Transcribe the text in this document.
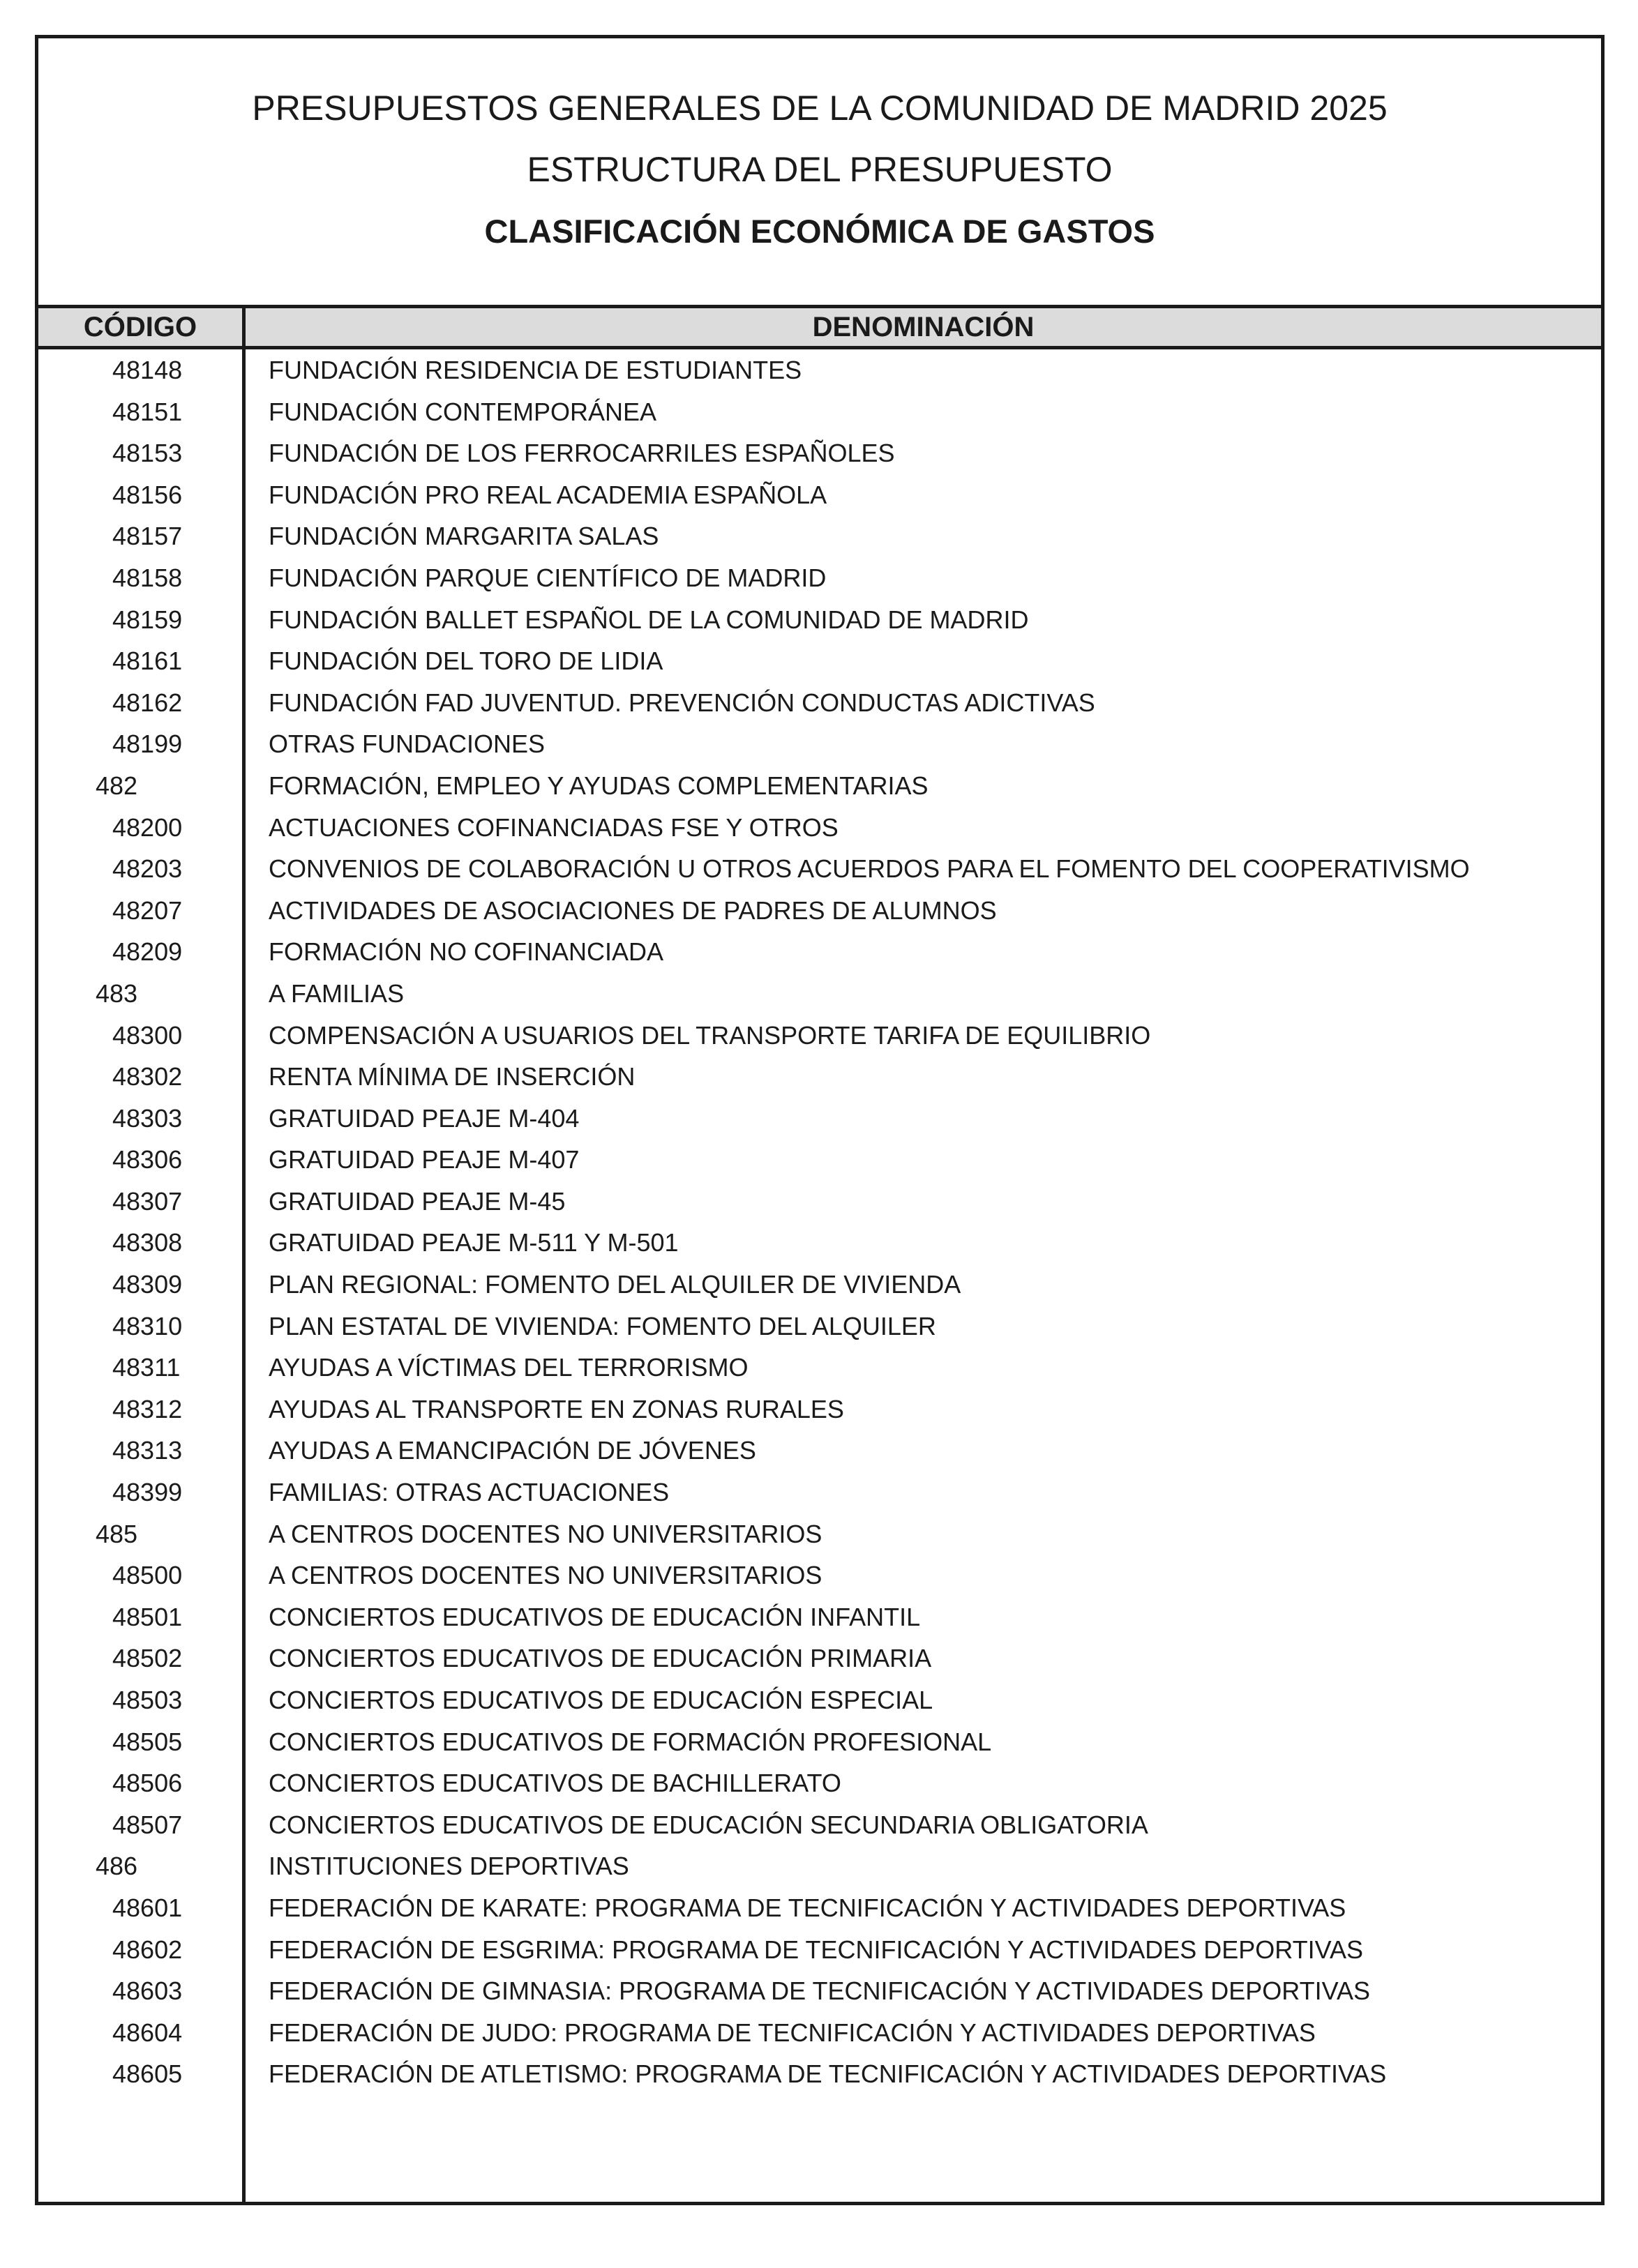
PRESUPUESTOS GENERALES DE LA COMUNIDAD DE MADRID 2025
ESTRUCTURA DEL PRESUPUESTO
CLASIFICACIÓN ECONÓMICA DE GASTOS
CÓDIGO	DENOMINACIÓN
48148	FUNDACIÓN RESIDENCIA DE ESTUDIANTES
48151	FUNDACIÓN CONTEMPORÁNEA
48153	FUNDACIÓN DE LOS FERROCARRILES ESPAÑOLES
48156	FUNDACIÓN PRO REAL ACADEMIA ESPAÑOLA
48157	FUNDACIÓN MARGARITA SALAS
48158	FUNDACIÓN PARQUE CIENTÍFICO DE MADRID
48159	FUNDACIÓN BALLET ESPAÑOL DE LA COMUNIDAD DE MADRID
48161	FUNDACIÓN DEL TORO DE LIDIA
48162	FUNDACIÓN FAD JUVENTUD. PREVENCIÓN CONDUCTAS ADICTIVAS
48199	OTRAS FUNDACIONES
482	FORMACIÓN, EMPLEO Y AYUDAS COMPLEMENTARIAS
48200	ACTUACIONES COFINANCIADAS FSE Y OTROS
48203	CONVENIOS DE COLABORACIÓN U OTROS ACUERDOS PARA EL FOMENTO DEL COOPERATIVISMO
48207	ACTIVIDADES DE ASOCIACIONES DE PADRES DE ALUMNOS
48209	FORMACIÓN NO COFINANCIADA
483	A FAMILIAS
48300	COMPENSACIÓN A USUARIOS DEL TRANSPORTE TARIFA DE EQUILIBRIO
48302	RENTA MÍNIMA DE INSERCIÓN
48303	GRATUIDAD PEAJE M-404
48306	GRATUIDAD PEAJE M-407
48307	GRATUIDAD PEAJE M-45
48308	GRATUIDAD PEAJE M-511 Y M-501
48309	PLAN REGIONAL: FOMENTO DEL ALQUILER DE VIVIENDA
48310	PLAN ESTATAL DE VIVIENDA: FOMENTO DEL ALQUILER
48311	AYUDAS A VÍCTIMAS DEL TERRORISMO
48312	AYUDAS AL TRANSPORTE EN ZONAS RURALES
48313	AYUDAS A EMANCIPACIÓN DE JÓVENES
48399	FAMILIAS: OTRAS ACTUACIONES
485	A CENTROS DOCENTES NO UNIVERSITARIOS
48500	A CENTROS DOCENTES NO UNIVERSITARIOS
48501	CONCIERTOS EDUCATIVOS DE EDUCACIÓN INFANTIL
48502	CONCIERTOS EDUCATIVOS DE EDUCACIÓN PRIMARIA
48503	CONCIERTOS EDUCATIVOS DE EDUCACIÓN ESPECIAL
48505	CONCIERTOS EDUCATIVOS DE FORMACIÓN PROFESIONAL
48506	CONCIERTOS EDUCATIVOS DE BACHILLERATO
48507	CONCIERTOS EDUCATIVOS DE EDUCACIÓN SECUNDARIA OBLIGATORIA
486	INSTITUCIONES DEPORTIVAS
48601	FEDERACIÓN DE KARATE: PROGRAMA DE TECNIFICACIÓN Y ACTIVIDADES DEPORTIVAS
48602	FEDERACIÓN DE ESGRIMA: PROGRAMA DE TECNIFICACIÓN Y ACTIVIDADES DEPORTIVAS
48603	FEDERACIÓN DE GIMNASIA: PROGRAMA DE TECNIFICACIÓN Y ACTIVIDADES DEPORTIVAS
48604	FEDERACIÓN DE JUDO: PROGRAMA DE TECNIFICACIÓN Y ACTIVIDADES DEPORTIVAS
48605	FEDERACIÓN DE ATLETISMO: PROGRAMA DE TECNIFICACIÓN Y ACTIVIDADES DEPORTIVAS
